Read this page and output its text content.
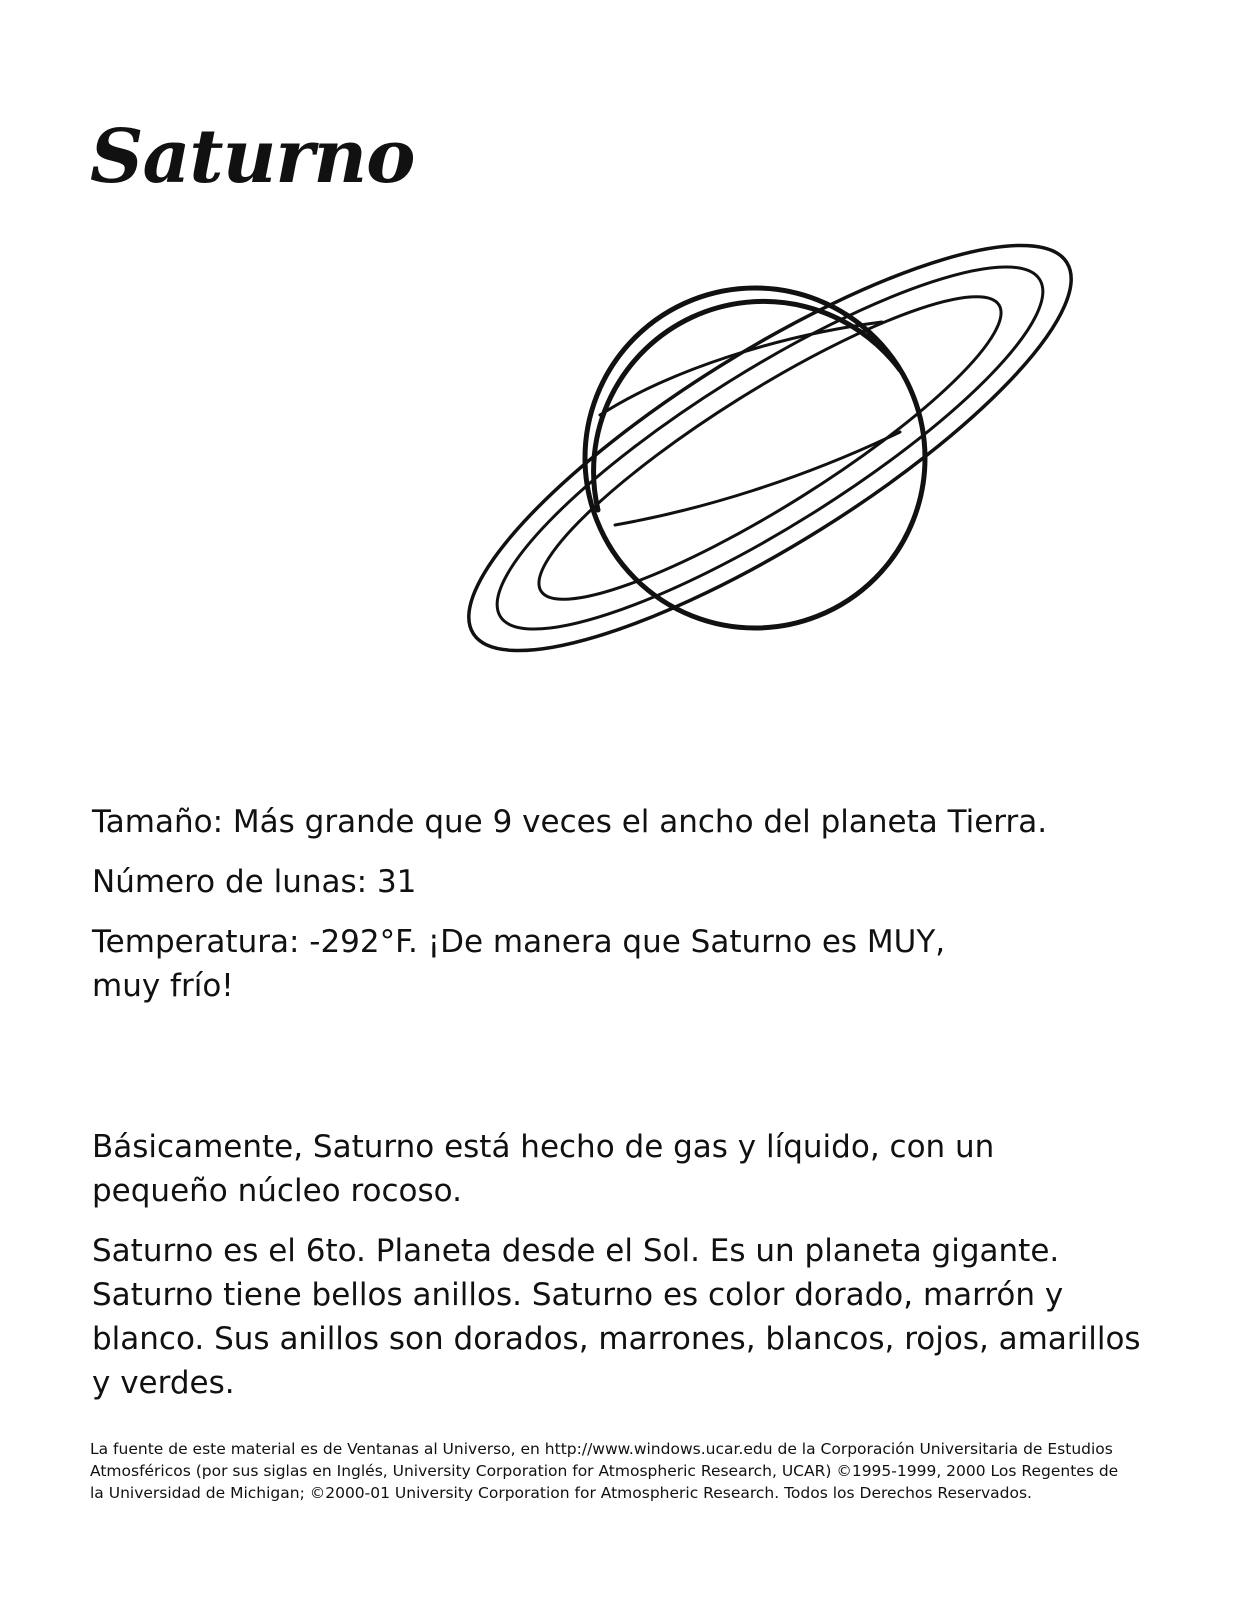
Saturno

Tamaño: Más grande que 9 veces el ancho del planeta Tierra.

Número de lunas: 31

Temperatura: -292°F. ¡De manera que Saturno es MUY, muy frío!

Básicamente, Saturno está hecho de gas y líquido, con un pequeño núcleo rocoso.

Saturno es el 6to. Planeta desde el Sol. Es un planeta gigante. Saturno tiene bellos anillos. Saturno es color dorado, marrón y blanco. Sus anillos son dorados, marrones, blancos, rojos, amarillos y verdes.

La fuente de este material es de Ventanas al Universo, en http://www.windows.ucar.edu de la Corporación Universitaria de Estudios Atmosféricos (por sus siglas en Inglés, University Corporation for Atmospheric Research, UCAR) ©1995-1999, 2000 Los Regentes de la Universidad de Michigan; ©2000-01 University Corporation for Atmospheric Research. Todos los Derechos Reservados.
